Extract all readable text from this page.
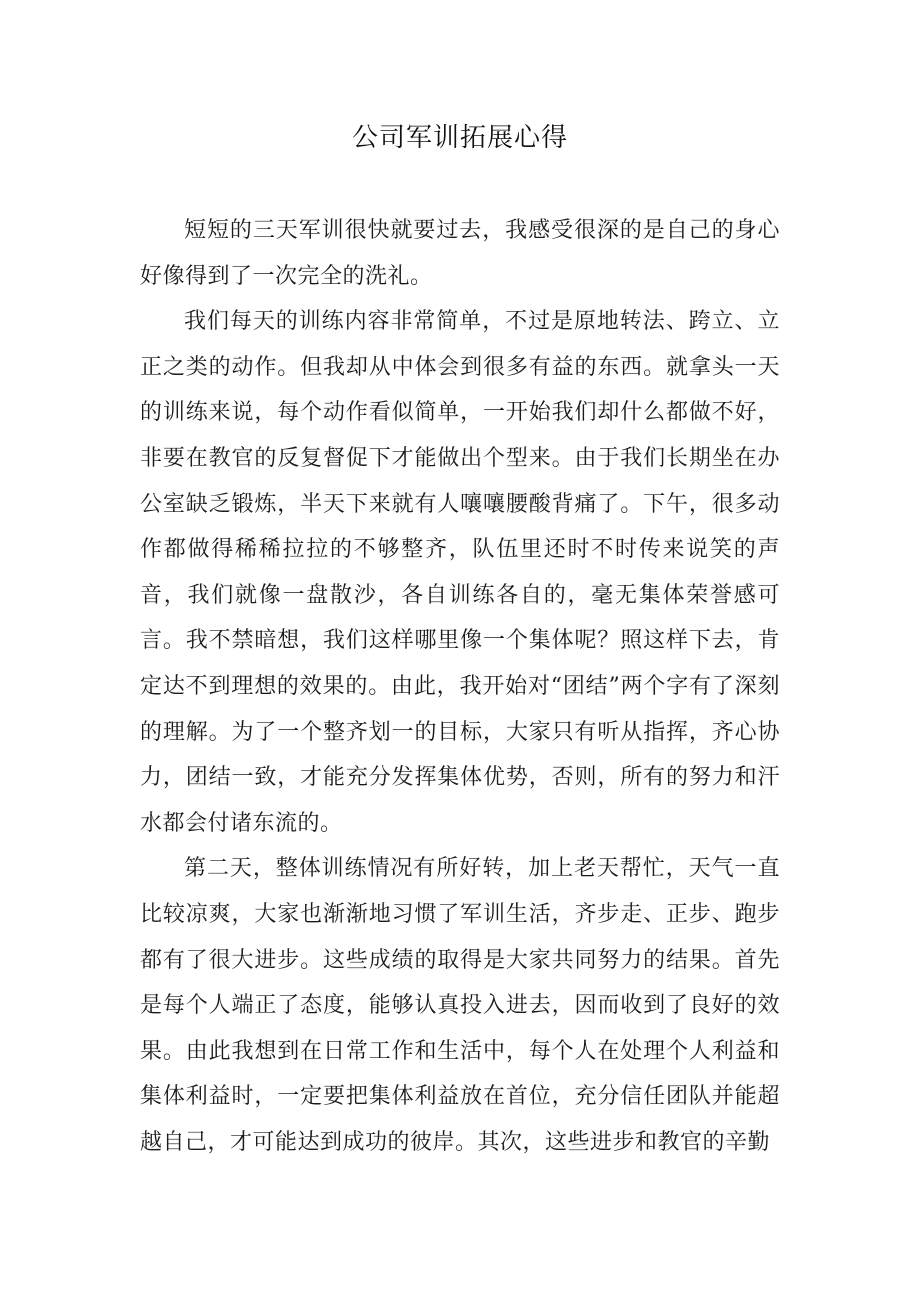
公司军训拓展心得

短短的三天军训很快就要过去，我感受很深的是自己的身心好像得到了一次完全的洗礼。

我们每天的训练内容非常简单，不过是原地转法、跨立、立正之类的动作。但我却从中体会到很多有益的东西。就拿头一天的训练来说，每个动作看似简单，一开始我们却什么都做不好，非要在教官的反复督促下才能做出个型来。由于我们长期坐在办公室缺乏锻炼，半天下来就有人嚷嚷腰酸背痛了。下午，很多动作都做得稀稀拉拉的不够整齐，队伍里还时不时传来说笑的声音，我们就像一盘散沙，各自训练各自的，毫无集体荣誉感可言。我不禁暗想，我们这样哪里像一个集体呢？照这样下去，肯定达不到理想的效果的。由此，我开始对“团结”两个字有了深刻的理解。为了一个整齐划一的目标，大家只有听从指挥，齐心协力，团结一致，才能充分发挥集体优势，否则，所有的努力和汗水都会付诸东流的。

第二天，整体训练情况有所好转，加上老天帮忙，天气一直比较凉爽，大家也渐渐地习惯了军训生活，齐步走、正步、跑步都有了很大进步。这些成绩的取得是大家共同努力的结果。首先是每个人端正了态度，能够认真投入进去，因而收到了良好的效果。由此我想到在日常工作和生活中，每个人在处理个人利益和集体利益时，一定要把集体利益放在首位，充分信任团队并能超越自己，才可能达到成功的彼岸。其次，这些进步和教官的辛勤
